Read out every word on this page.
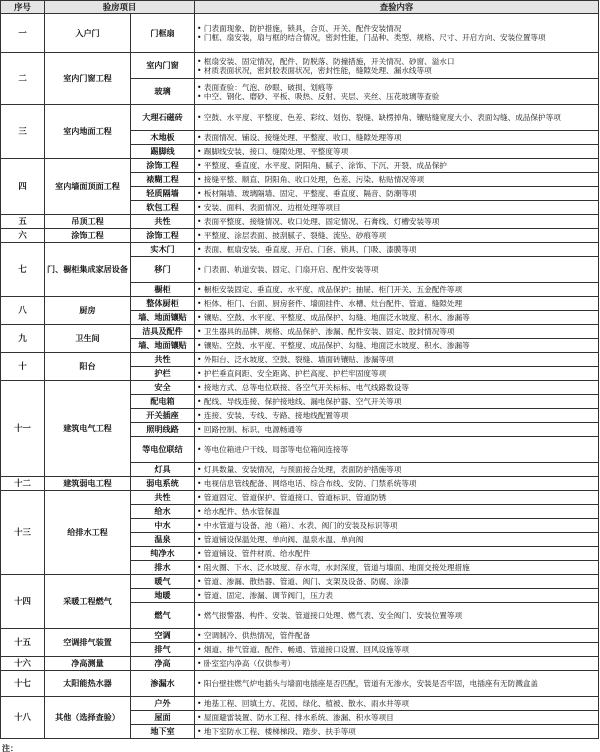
序号	验房项目		查验内容
一	入户门	门框扇	• 门表面现象、防护措施，锁具，合页、开关、配件安装情况
• 门框、扇安装，扇与框的结合情况，密封性能，门品种、类型、规格、尺寸、开启方向、安装位置等项

二	室内门窗工程	室内门窗	• 框扇安装、固定情况，配件、防脱落、防撞措施，开关情况、砂窗、溢水口
• 材质表面状况，密封胶表面状况，密封性能，缝隙处理、漏水线等项

		玻璃	• 表面查验：气泡、砂眼、破损、划痕等
• 中空、钢化、磨砂、平板、吸热、反射、夹层、夹丝、压花玻璃等查验

三	室内地面工程	大理石磁砖	• 空鼓、水平度、平整度、色差、彩纹、划伤、裂缝、缺楞掉角、镶贴缝宽度大小、表面勾缝、成品保护等项

		木地板	• 表面情况、铺设、接缝处理、平整度、收口、缝隙处理等项

		踢脚线	• 踢脚线安装、接口、缝隙处理、平整度等项

四	室内墙面顶面工程	涂饰工程	• 平整度、垂直度、水平度、阴阳角、腻子、涂饰、下沉、开裂、成品保护

		裱糊工程	• 接缝平整、顺直、阴阳角、收口处理，色差、污染、粘贴情况等项

		轻质隔墙	• 板材隔墙、玻璃隔墙、固定、平整度、垂直度、隔音、防潮等项

		软包工程	• 安装、面料、表面情况、边框处理等项目

五	吊顶工程	共性	• 表面平整度、接缝情况、收口处理、固定情况、石膏线、灯槽安装等项

六	涂饰工程	涂饰工程	• 平整度、涂层表面、披刮腻子、裂缝、流坠、砂痕等项

七	门、橱柜集成家居设备	实木门	• 表面、框扇安装、垂直度、开启、门套、锁具、门吸、漆膜等项

		移门	• 门表面、轨道安装、固定、门扇开启、配件安装等项

		橱柜	• 橱柜安装固定、垂直度、水平度、成品保护；抽屉、柜门开关、五金配件等项

八	厨房	整体厨柜	• 柜体、柜门、台面、厨房套件、墙面挂件、水槽、灶台配件、管道、缝隙处理

		墙、地面镶贴	• 镶贴、空鼓、水平度、平整度、成品保护、勾缝、地面泛水坡度、积水、渗漏等

九	卫生间	洁具及配件	• 卫生器具的品牌、规格、成品保护、渗漏、配件安装、固定、胶封情况等项

		墙、地面镶贴	• 镶贴、空鼓、水平度、平整度、成品保护、勾缝、地面泛水坡度、积水、渗漏等

十	阳台	共性	• 外阳台、泛水坡度、空鼓、裂缝、墙面砖镶贴、渗漏等项

		护栏	• 护栏垂直间距、安全距离、护栏高度、护栏牢固度等项

十一	建筑电气工程	安全	• 接地方式、总等电位联接、各空气开关标标、电气线路数设等

		配电箱	• 配线、导线连接、保护接地线、漏电保护器、空气开关等项

		开关插座	• 连接、安装、专线、专路、接地线配置等项

		照明线路	• 回路控制、标识、电源畅通等

		等电位联结	• 等电位箱进户干线、局部等电位箱间连接等

		灯具	• 灯具数量、安装情况，与预面接合处理，表面防护措施等项

十二	建筑弱电工程	弱电系统	• 电视信息管线配备、网络电话、综合布线、安防、门禁系统等项

十三	给排水工程	共性	• 管道固定、管道保护、管道接口、管道标识、管道防锈

		给水	• 给水配件、热水管保温

		中水	• 中水管道与设备、池（箱）、水表、阀门的安装及标识等项

		温泉	• 管道铺设保温处理、单向阀、温泉水温、单向阀

		纯净水	• 管道铺设、管件材质、给水配件

		排水	• 阻火圈、下水、泛水坡度、存水弯，水封深度，管道与墙面、地面交接处理措施

十四	采暖工程燃气	暖气	• 管道、渗漏、散热器、管道、阀门、支架及设备、防腐、涂漆

		地暖	• 管道、固定、渗漏、调节阀门，压力表

		燃气	• 燃气报警器、构件、安装、管道接口处理、燃气表、安全阀门、安装位置等项

十五	空调排气装置	空调	• 空调制冷、供热情况，管件配备

		排气	• 烟道、排气管道、配件、畅通、管道接口设置、回风设施等项

十六	净高测量	净高	• 卧室室内净高（仅供参考）

十七	太阳能热水器	渗漏水	• 阳台壁挂燃气炉电插头与墙面电插座是否匹配，管道有无渗水，安装是否牢固，电插座有无防溅盒盖

十八	其他（选择查验）	户外	• 地基工程、回填土方、花园、绿化、植被、散水、雨水井等项

		屋面	• 屋面避雷装置、防水工程、排水系统、渗漏、积水等项目

		地下室	• 地下室防水工程、楼梯梯段、踏步、扶手等项
注：
